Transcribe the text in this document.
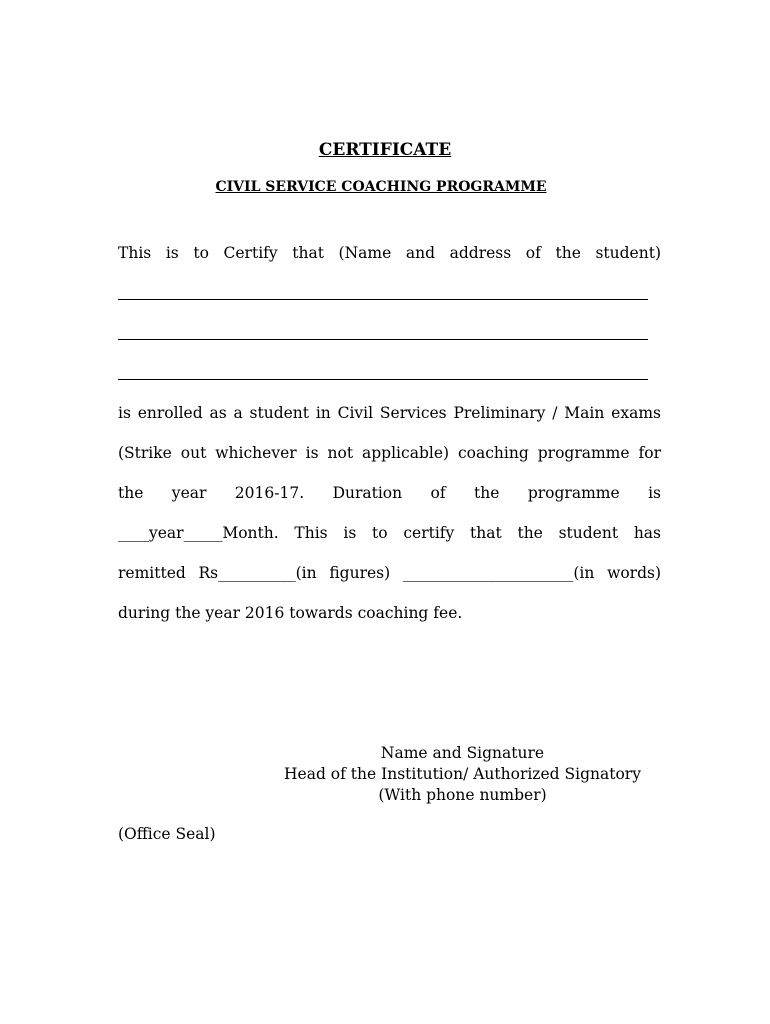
CERTIFICATE
CIVIL SERVICE COACHING PROGRAMME
This is to Certify that (Name and address of the student)
is enrolled as a student in Civil Services Preliminary / Main exams
(Strike out whichever is not applicable) coaching programme for
the year 2016-17. Duration of the programme is
____year_____Month. This is to certify that the student has
remitted Rs__________(in figures) ______________________(in words)
during the year 2016 towards coaching fee.
Name and Signature
Head of the Institution/ Authorized Signatory
(With phone number)
(Office Seal)
